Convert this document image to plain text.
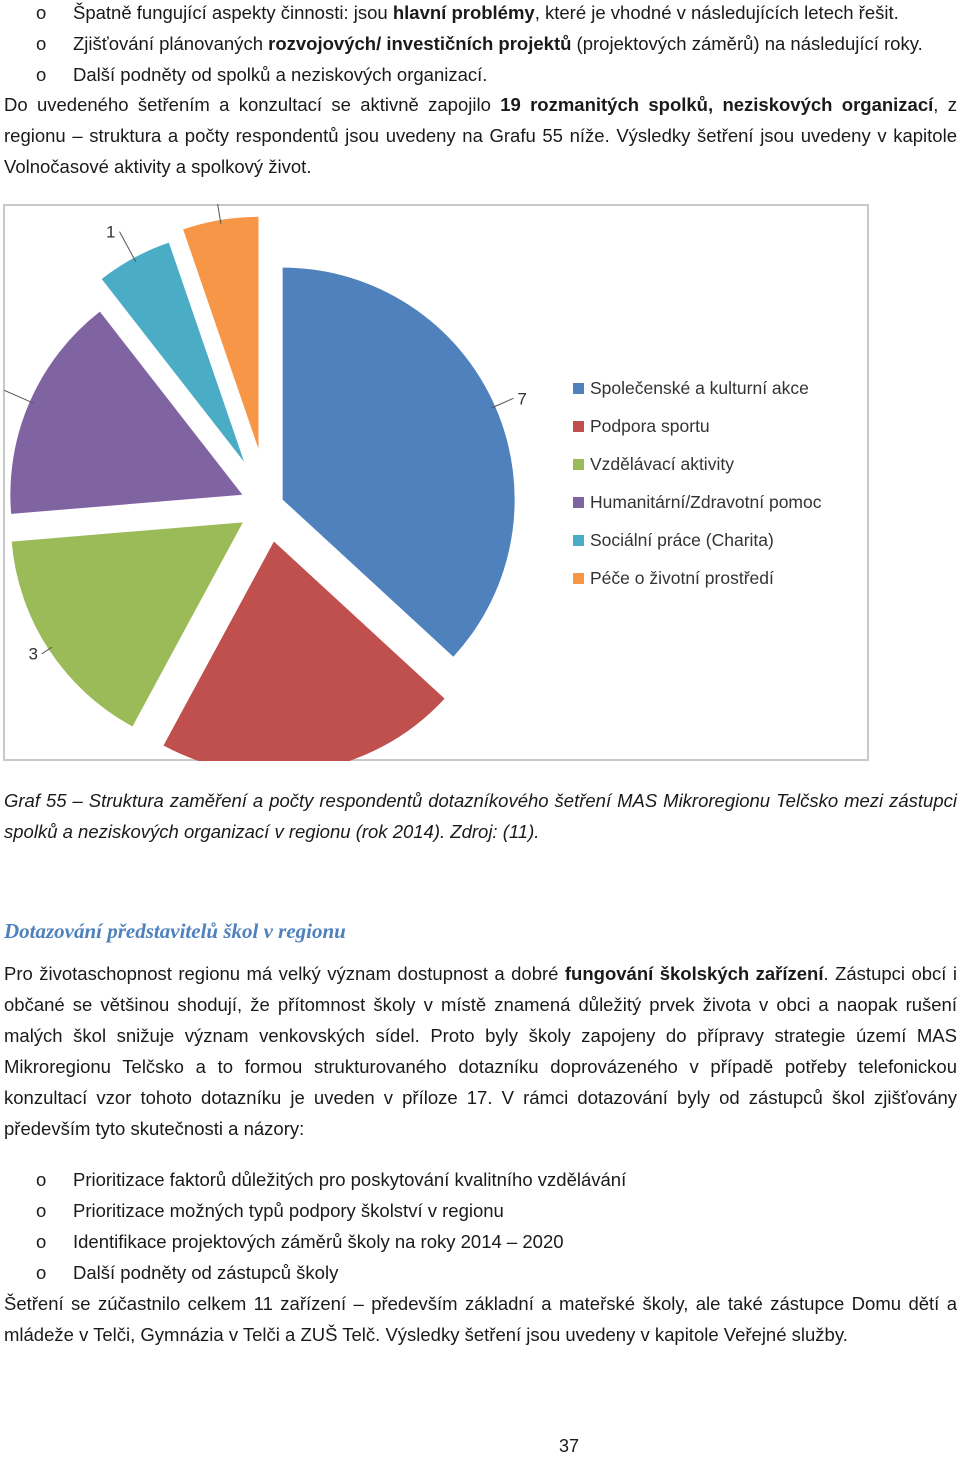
o Špatně fungující aspekty činnosti: jsou hlavní problémy, které je vhodné v následujících letech řešit.
o Zjišťování plánovaných rozvojových/ investičních projektů (projektových záměrů) na následující roky.
o Další podněty od spolků a neziskových organizací.

Do uvedeného šetřením a konzultací se aktivně zapojilo 19 rozmanitých spolků, neziskových organizací, z regionu – struktura a počty respondentů jsou uvedeny na Grafu 55 níže. Výsledky šetření jsou uvedeny v kapitole Volnočasové aktivity a spolkový život.

7
3
1
Společenské a kulturní akce
Podpora sportu
Vzdělávací aktivity
Humanitární/Zdravotní pomoc
Sociální práce (Charita)
Péče o životní prostředí

Graf 55 – Struktura zaměření a počty respondentů dotazníkového šetření MAS Mikroregionu Telčsko mezi zástupci spolků a neziskových organizací v regionu (rok 2014). Zdroj: (11).

Dotazování představitelů škol v regionu

Pro životaschopnost regionu má velký význam dostupnost a dobré fungování školských zařízení. Zástupci obcí i občané se většinou shodují, že přítomnost školy v místě znamená důležitý prvek života v obci a naopak rušení malých škol snižuje význam venkovských sídel. Proto byly školy zapojeny do přípravy strategie území MAS Mikroregionu Telčsko a to formou strukturovaného dotazníku doprovázeného v případě potřeby telefonickou konzultací vzor tohoto dotazníku je uveden v příloze 17. V rámci dotazování byly od zástupců škol zjišťovány především tyto skutečnosti a názory:

o Prioritizace faktorů důležitých pro poskytování kvalitního vzdělávání
o Prioritizace možných typů podpory školství v regionu
o Identifikace projektových záměrů školy na roky 2014 – 2020
o Další podněty od zástupců školy

Šetření se zúčastnilo celkem 11 zařízení – především základní a mateřské školy, ale také zástupce Domu dětí a mládeže v Telči, Gymnázia v Telči a ZUŠ Telč. Výsledky šetření jsou uvedeny v kapitole Veřejné služby.

37
